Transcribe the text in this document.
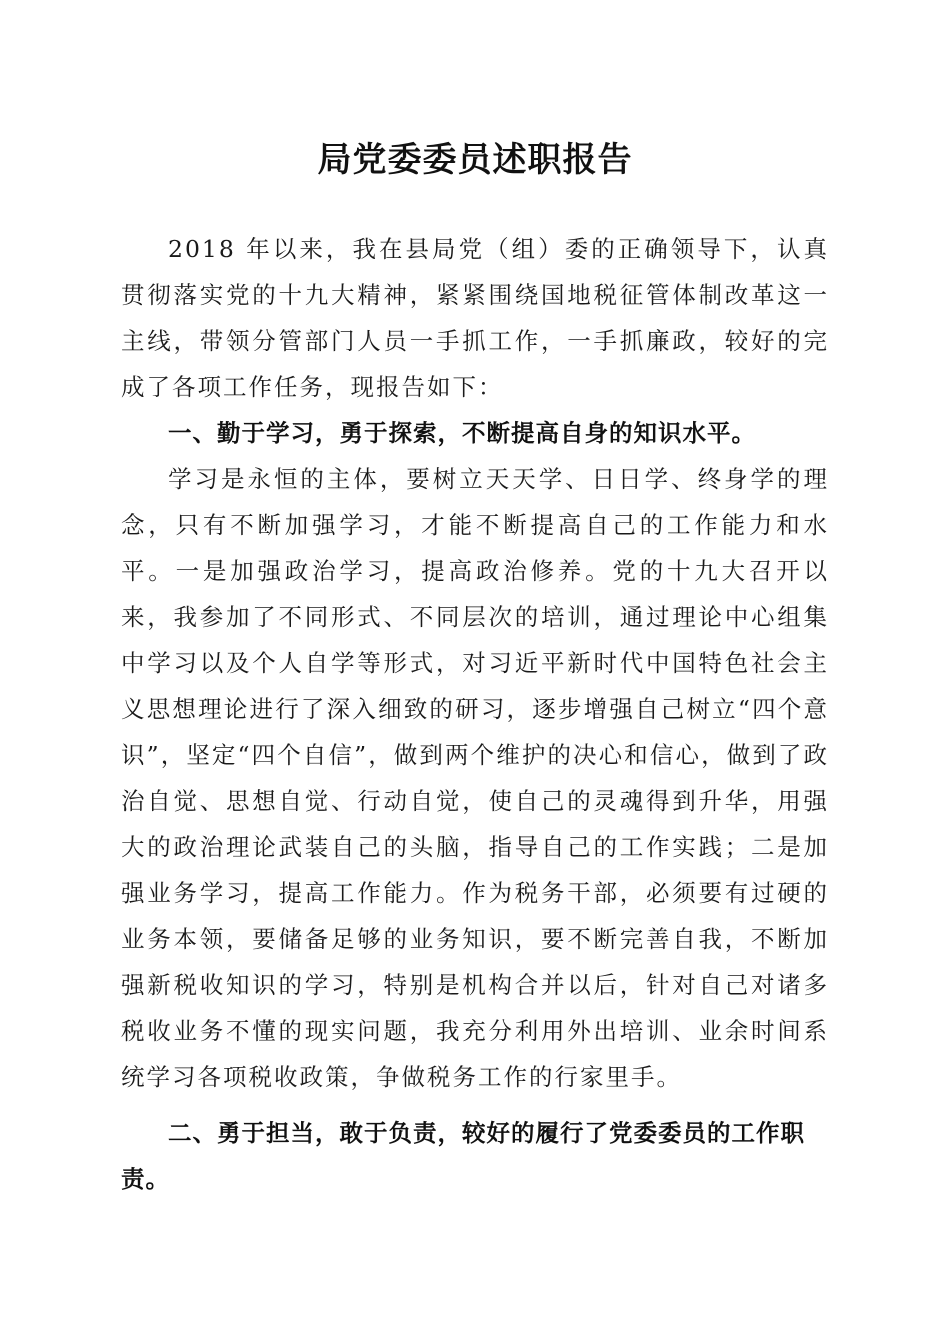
局党委委员述职报告

2018 年以来，我在县局党（组）委的正确领导下，认真贯彻落实党的十九大精神，紧紧围绕国地税征管体制改革这一主线，带领分管部门人员一手抓工作，一手抓廉政，较好的完成了各项工作任务，现报告如下：

一、勤于学习，勇于探索，不断提高自身的知识水平。

学习是永恒的主体，要树立天天学、日日学、终身学的理念，只有不断加强学习，才能不断提高自己的工作能力和水平。一是加强政治学习，提高政治修养。党的十九大召开以来，我参加了不同形式、不同层次的培训，通过理论中心组集中学习以及个人自学等形式，对习近平新时代中国特色社会主义思想理论进行了深入细致的研习，逐步增强自己树立“四个意识”，坚定“四个自信”，做到两个维护的决心和信心，做到了政治自觉、思想自觉、行动自觉，使自己的灵魂得到升华，用强大的政治理论武装自己的头脑，指导自己的工作实践；二是加强业务学习，提高工作能力。作为税务干部，必须要有过硬的业务本领，要储备足够的业务知识，要不断完善自我，不断加强新税收知识的学习，特别是机构合并以后，针对自己对诸多税收业务不懂的现实问题，我充分利用外出培训、业余时间系统学习各项税收政策，争做税务工作的行家里手。

二、勇于担当，敢于负责，较好的履行了党委委员的工作职责。
